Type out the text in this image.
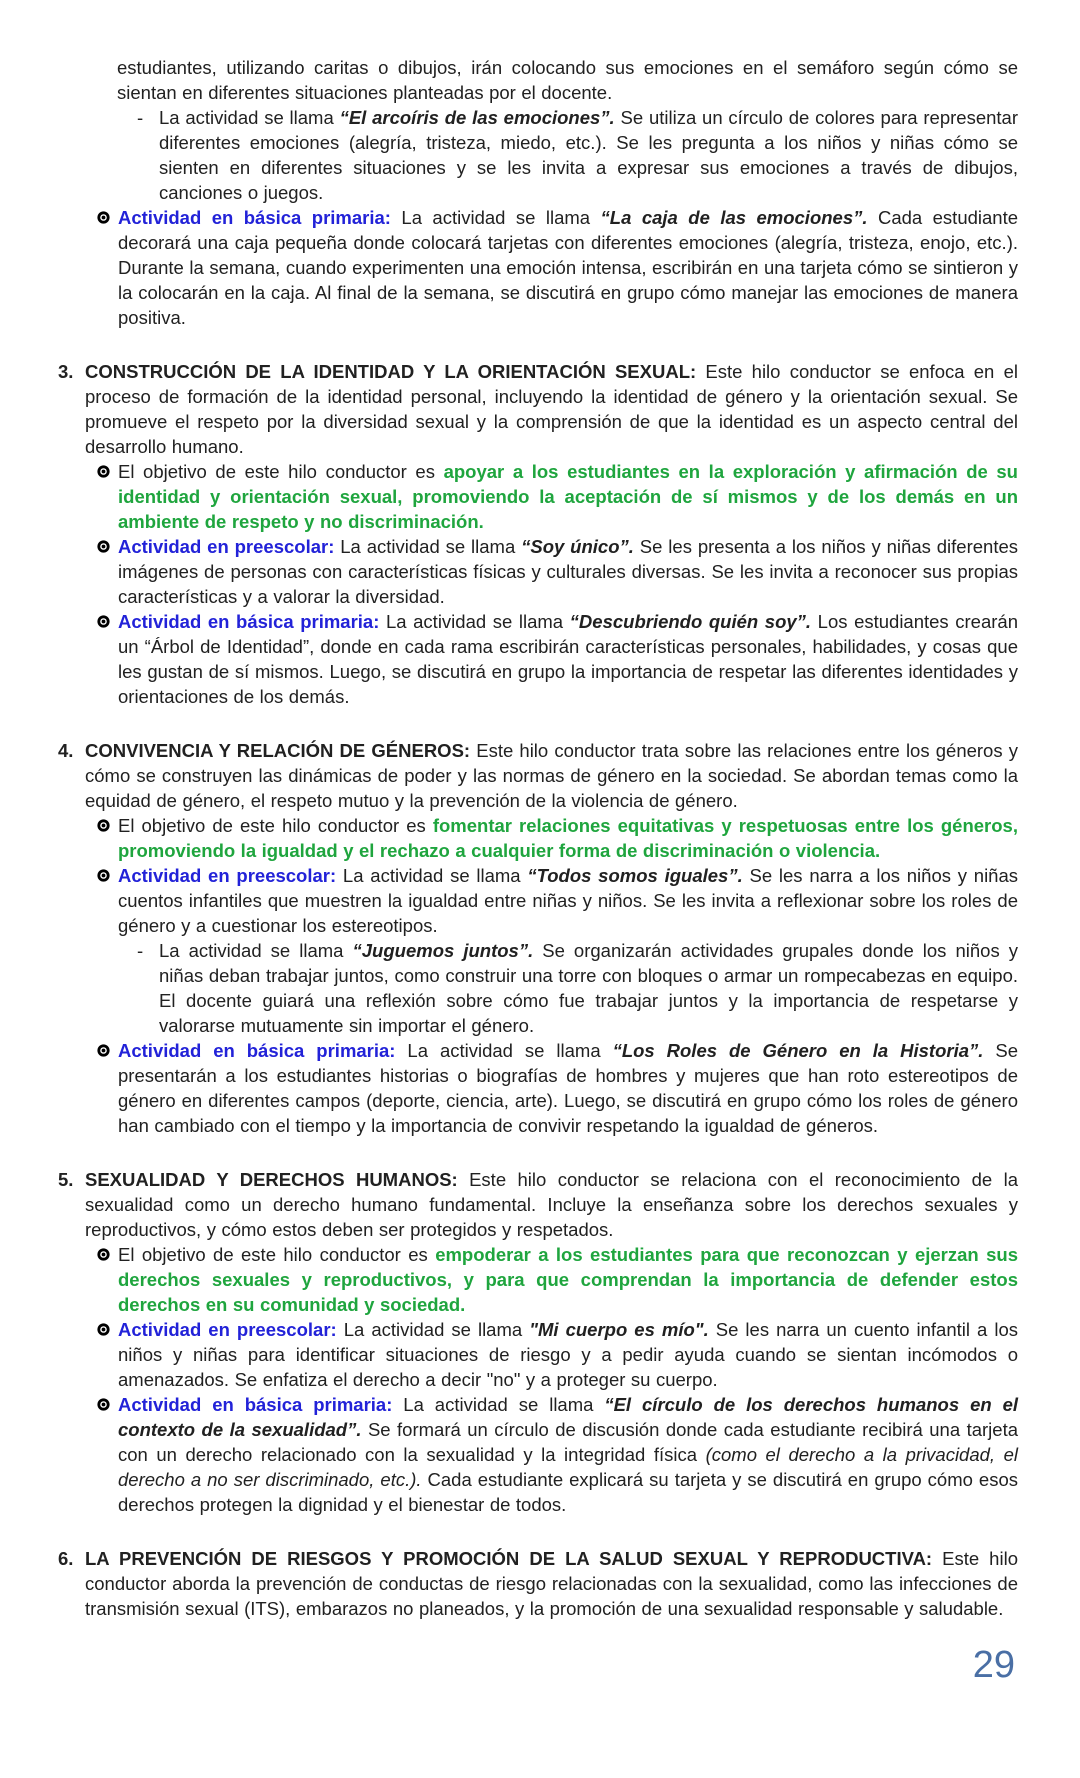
estudiantes, utilizando caritas o dibujos, irán colocando sus emociones en el semáforo según cómo se sientan en diferentes situaciones planteadas por el docente.
- La actividad se llama “El arcoíris de las emociones”. Se utiliza un círculo de colores para representar diferentes emociones (alegría, tristeza, miedo, etc.). Se les pregunta a los niños y niñas cómo se sienten en diferentes situaciones y se les invita a expresar sus emociones a través de dibujos, canciones o juegos.
Actividad en básica primaria: La actividad se llama “La caja de las emociones”. Cada estudiante decorará una caja pequeña donde colocará tarjetas con diferentes emociones (alegría, tristeza, enojo, etc.). Durante la semana, cuando experimenten una emoción intensa, escribirán en una tarjeta cómo se sintieron y la colocarán en la caja. Al final de la semana, se discutirá en grupo cómo manejar las emociones de manera positiva.
3. CONSTRUCCIÓN DE LA IDENTIDAD Y LA ORIENTACIÓN SEXUAL: Este hilo conductor se enfoca en el proceso de formación de la identidad personal, incluyendo la identidad de género y la orientación sexual. Se promueve el respeto por la diversidad sexual y la comprensión de que la identidad es un aspecto central del desarrollo humano.
El objetivo de este hilo conductor es apoyar a los estudiantes en la exploración y afirmación de su identidad y orientación sexual, promoviendo la aceptación de sí mismos y de los demás en un ambiente de respeto y no discriminación.
Actividad en preescolar: La actividad se llama “Soy único”. Se les presenta a los niños y niñas diferentes imágenes de personas con características físicas y culturales diversas. Se les invita a reconocer sus propias características y a valorar la diversidad.
Actividad en básica primaria: La actividad se llama “Descubriendo quién soy”. Los estudiantes crearán un “Árbol de Identidad”, donde en cada rama escribirán características personales, habilidades, y cosas que les gustan de sí mismos. Luego, se discutirá en grupo la importancia de respetar las diferentes identidades y orientaciones de los demás.
4. CONVIVENCIA Y RELACIÓN DE GÉNEROS: Este hilo conductor trata sobre las relaciones entre los géneros y cómo se construyen las dinámicas de poder y las normas de género en la sociedad. Se abordan temas como la equidad de género, el respeto mutuo y la prevención de la violencia de género.
El objetivo de este hilo conductor es fomentar relaciones equitativas y respetuosas entre los géneros, promoviendo la igualdad y el rechazo a cualquier forma de discriminación o violencia.
Actividad en preescolar: La actividad se llama “Todos somos iguales”. Se les narra a los niños y niñas cuentos infantiles que muestren la igualdad entre niñas y niños. Se les invita a reflexionar sobre los roles de género y a cuestionar los estereotipos.
- La actividad se llama “Juguemos juntos”. Se organizarán actividades grupales donde los niños y niñas deban trabajar juntos, como construir una torre con bloques o armar un rompecabezas en equipo. El docente guiará una reflexión sobre cómo fue trabajar juntos y la importancia de respetarse y valorarse mutuamente sin importar el género.
Actividad en básica primaria: La actividad se llama “Los Roles de Género en la Historia”. Se presentarán a los estudiantes historias o biografías de hombres y mujeres que han roto estereotipos de género en diferentes campos (deporte, ciencia, arte). Luego, se discutirá en grupo cómo los roles de género han cambiado con el tiempo y la importancia de convivir respetando la igualdad de géneros.
5. SEXUALIDAD Y DERECHOS HUMANOS: Este hilo conductor se relaciona con el reconocimiento de la sexualidad como un derecho humano fundamental. Incluye la enseñanza sobre los derechos sexuales y reproductivos, y cómo estos deben ser protegidos y respetados.
El objetivo de este hilo conductor es empoderar a los estudiantes para que reconozcan y ejerzan sus derechos sexuales y reproductivos, y para que comprendan la importancia de defender estos derechos en su comunidad y sociedad.
Actividad en preescolar: La actividad se llama "Mi cuerpo es mío". Se les narra un cuento infantil a los niños y niñas para identificar situaciones de riesgo y a pedir ayuda cuando se sientan incómodos o amenazados. Se enfatiza el derecho a decir "no" y a proteger su cuerpo.
Actividad en básica primaria: La actividad se llama “El círculo de los derechos humanos en el contexto de la sexualidad”. Se formará un círculo de discusión donde cada estudiante recibirá una tarjeta con un derecho relacionado con la sexualidad y la integridad física (como el derecho a la privacidad, el derecho a no ser discriminado, etc.). Cada estudiante explicará su tarjeta y se discutirá en grupo cómo esos derechos protegen la dignidad y el bienestar de todos.
6. LA PREVENCIÓN DE RIESGOS Y PROMOCIÓN DE LA SALUD SEXUAL Y REPRODUCTIVA: Este hilo conductor aborda la prevención de conductas de riesgo relacionadas con la sexualidad, como las infecciones de transmisión sexual (ITS), embarazos no planeados, y la promoción de una sexualidad responsable y saludable.
29
